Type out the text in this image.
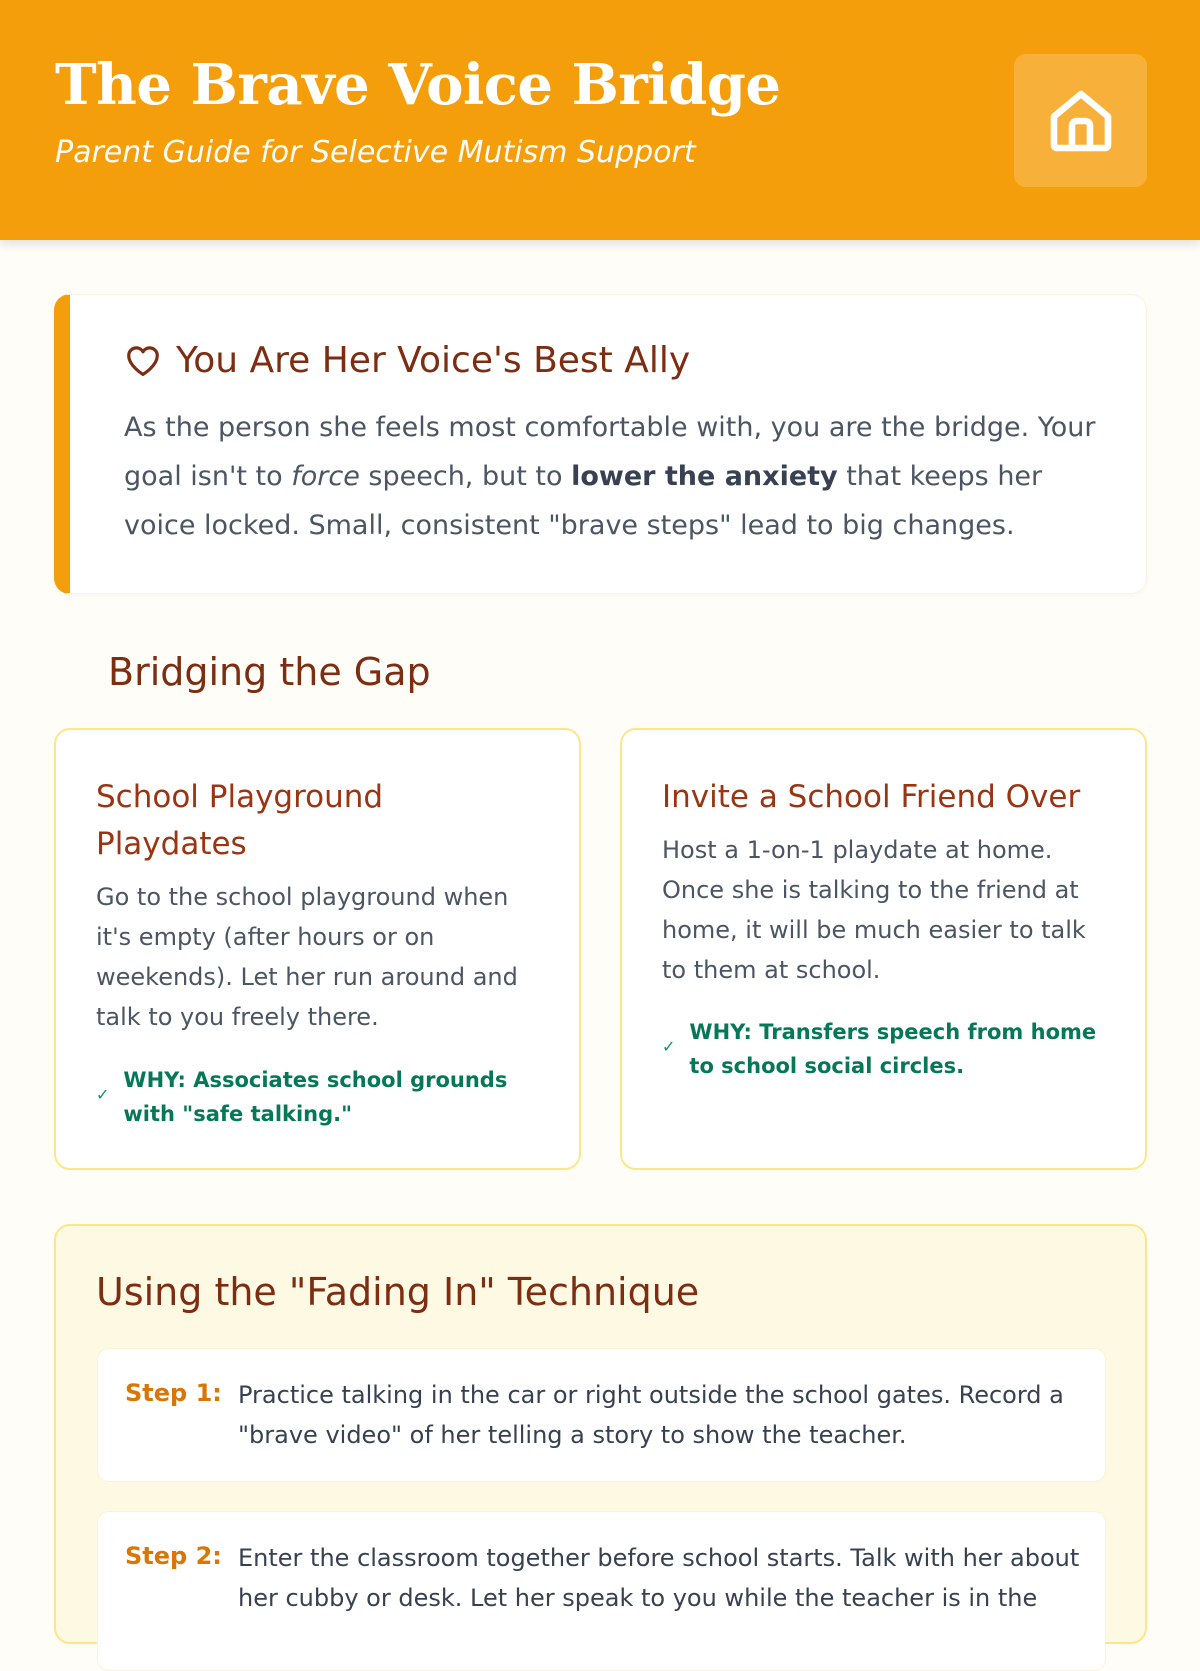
The Brave Voice Bridge
Parent Guide for Selective Mutism Support
You Are Her Voice's Best Ally

As the person she feels most comfortable with, you are the bridge. Your goal isn't to force speech, but to lower the anxiety that keeps her voice locked. Small, consistent "brave steps" lead to big changes.

Bridging the Gap
School Playground Playdates
Go to the school playground when it's empty (after hours or on weekends). Let her run around and talk to you freely there.
✓
WHY: Associates school grounds with "safe talking."
Invite a School Friend Over
Host a 1-on-1 playdate at home. Once she is talking to the friend at home, it will be much easier to talk to them at school.
✓
WHY: Transfers speech from home to school social circles.
Using the "Fading In" Technique
Step 1: Practice talking in the car or right outside the school gates. Record a "brave video" of her telling a story to show the teacher.
Step 2: Enter the classroom together before school starts. Talk with her about her cubby or desk. Let her speak to you while the teacher is in the
